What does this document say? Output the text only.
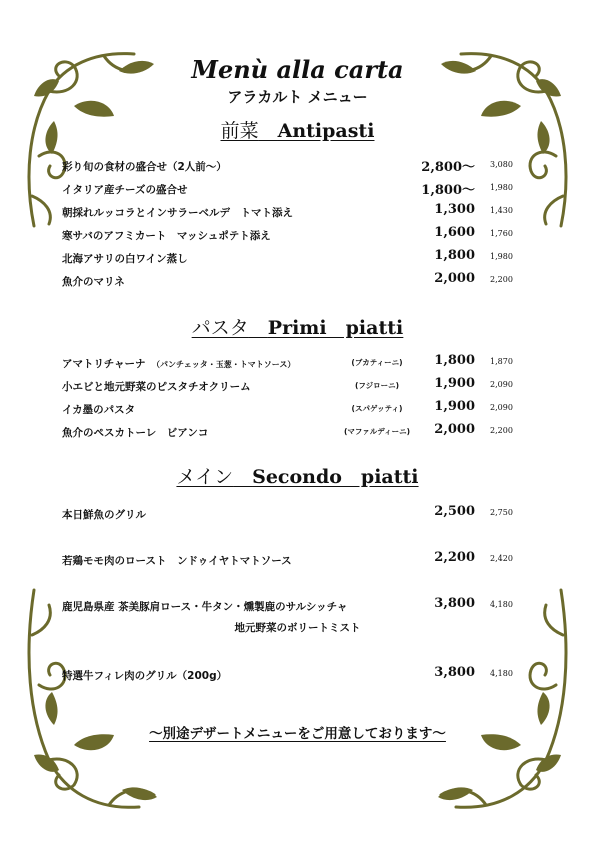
Menù alla carta
アラカルト メニュー
前菜　 Antipasti
彩り旬の食材の盛合せ（2人前～）	2,800～ 3,080
イタリア産チーズの盛合せ	1,800～ 1,980
朝採れルッコラとインサラーベルデ　トマト添え	1,300 1,430
寒サバのアフミカート　マッシュポテト添え	1,600 1,760
北海アサリの白ワイン蒸し	1,800 1,980
魚介のマリネ	2,000 2,200
パスタ　 Primi　piatti
アマトリチャーナ　 （パンチェッタ・玉葱・トマトソース）	(ブカティーニ)	1,800 1,870
小エビと地元野菜のピスタチオクリーム	(フジローニ)	1,900 2,090
イカ墨のパスタ	(スパゲッティ)	1,900 2,090
魚介のペスカトーレ　ビアンコ	(マファルディーニ)	2,000 2,200
メイン　 Secondo　piatti
本日鮮魚のグリル	2,500 2,750
若鶏モモ肉のロースト　ンドゥイヤトマトソース	2,200 2,420
鹿児島県産 茶美豚肩ロース・牛タン・燻製鹿のサルシッチャ	3,800 4,180
地元野菜のボリートミスト
特選牛フィレ肉のグリル（200g）	3,800 4,180
～別途デザートメニューをご用意しております～
